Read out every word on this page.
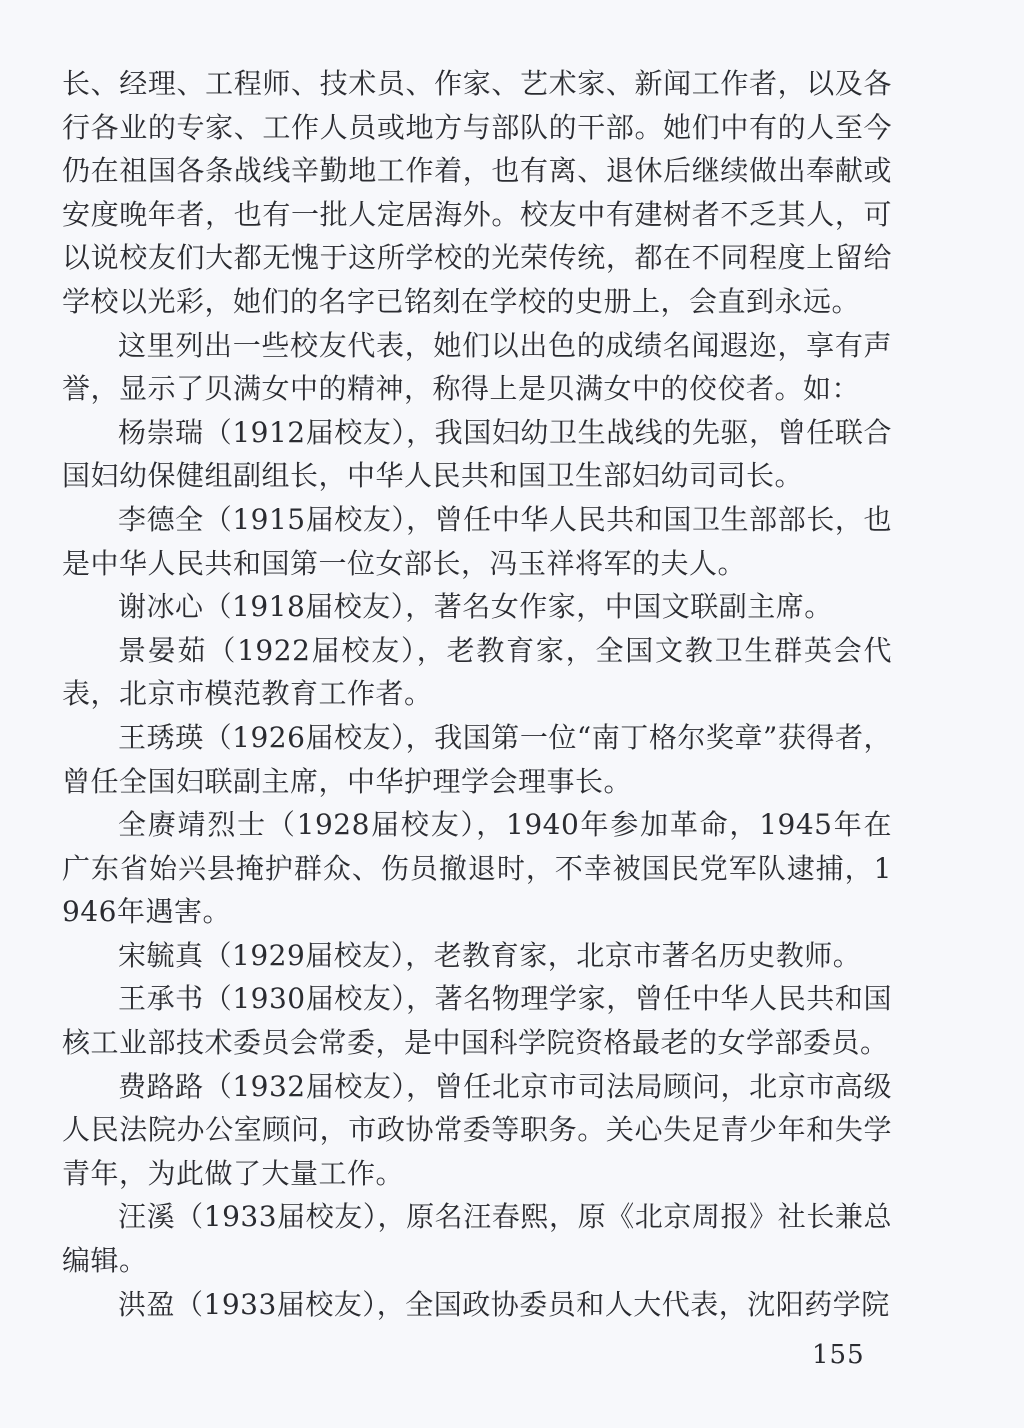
长、经理、工程师、技术员、作家、艺术家、新闻工作者，以及各行各业的专家、工作人员或地方与部队的干部。她们中有的人至今仍在祖国各条战线辛勤地工作着，也有离、退休后继续做出奉献或安度晚年者，也有一批人定居海外。校友中有建树者不乏其人，可以说校友们大都无愧于这所学校的光荣传统，都在不同程度上留给学校以光彩，她们的名字已铭刻在学校的史册上，会直到永远。

这里列出一些校友代表，她们以出色的成绩名闻遐迩，享有声誉，显示了贝满女中的精神，称得上是贝满女中的佼佼者。如：

杨崇瑞（1912届校友），我国妇幼卫生战线的先驱，曾任联合国妇幼保健组副组长，中华人民共和国卫生部妇幼司司长。

李德全（1915届校友），曾任中华人民共和国卫生部部长，也是中华人民共和国第一位女部长，冯玉祥将军的夫人。

谢冰心（1918届校友），著名女作家，中国文联副主席。

景晏茹（1922届校友），老教育家，全国文教卫生群英会代表，北京市模范教育工作者。

王琇瑛（1926届校友），我国第一位“南丁格尔奖章”获得者，曾任全国妇联副主席，中华护理学会理事长。

全赓靖烈士（1928届校友），1940年参加革命，1945年在广东省始兴县掩护群众、伤员撤退时，不幸被国民党军队逮捕，1946年遇害。

宋毓真（1929届校友），老教育家，北京市著名历史教师。

王承书（1930届校友），著名物理学家，曾任中华人民共和国核工业部技术委员会常委，是中国科学院资格最老的女学部委员。

费路路（1932届校友），曾任北京市司法局顾问，北京市高级人民法院办公室顾问，市政协常委等职务。关心失足青少年和失学青年，为此做了大量工作。

汪溪（1933届校友），原名汪春熙，原《北京周报》社长兼总编辑。

洪盈（1933届校友），全国政协委员和人大代表，沈阳药学院

155
